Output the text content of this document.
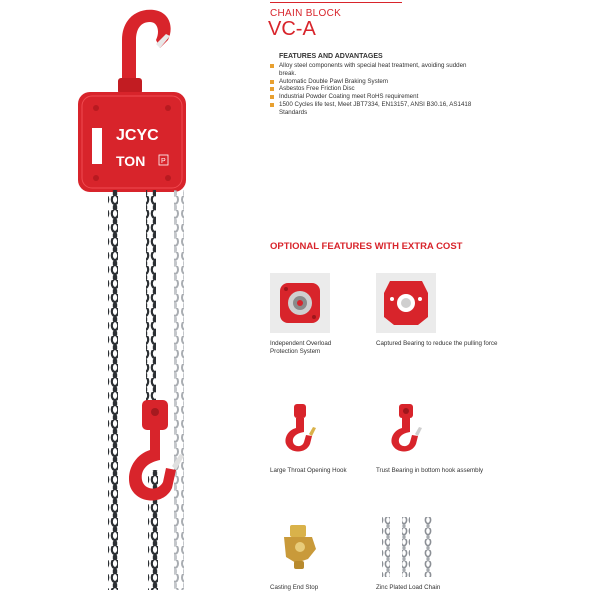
JCYC
TON P
CHAIN BLOCK
VC-A
FEATURES AND ADVANTAGES
Alloy steel components with special heat treatment, avoiding sudden break.
Automatic Double Pawl Braking System
Asbestos Free Friction Disc
Industrial Powder Coating meet RoHS requirement
1500 Cycles life test, Meet JBT7334, EN13157, ANSI B30.16, AS1418 Standards
OPTIONAL FEATURES WITH EXTRA COST
Independent Overload Protection System
Captured Bearing to reduce the pulling force
Large Throat Opening Hook	Trust Bearing in bottom hook assembly
Casting End Stop	Zinc Plated Load Chain
